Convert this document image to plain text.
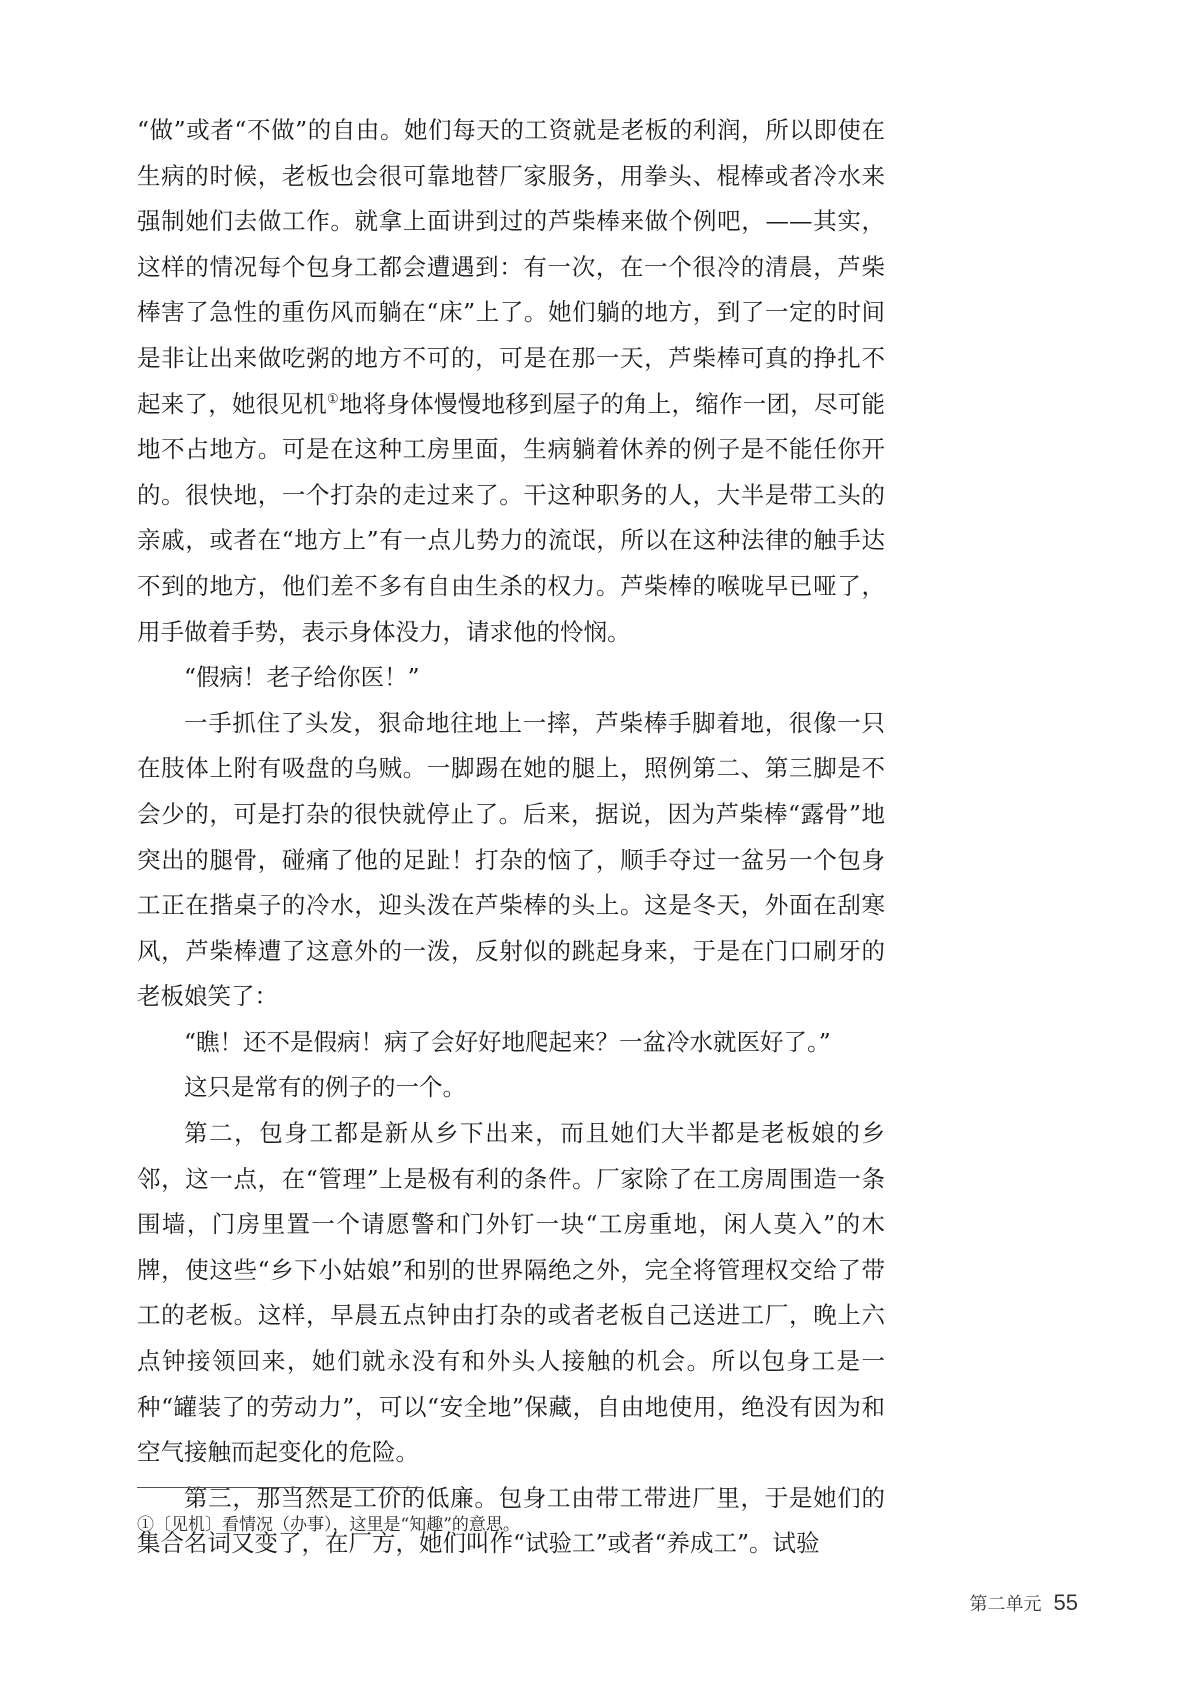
“做”或者“不做”的自由。她们每天的工资就是老板的利润，所以即使在生病的时候，老板也会很可靠地替厂家服务，用拳头、棍棒或者冷水来强制她们去做工作。就拿上面讲到过的芦柴棒来做个例吧，——其实，这样的情况每个包身工都会遭遇到：有一次，在一个很冷的清晨，芦柴棒害了急性的重伤风而躺在“床”上了。她们躺的地方，到了一定的时间是非让出来做吃粥的地方不可的，可是在那一天，芦柴棒可真的挣扎不起来了，她很见机①地将身体慢慢地移到屋子的角上，缩作一团，尽可能地不占地方。可是在这种工房里面，生病躺着休养的例子是不能任你开的。很快地，一个打杂的走过来了。干这种职务的人，大半是带工头的亲戚，或者在“地方上”有一点儿势力的流氓，所以在这种法律的触手达不到的地方，他们差不多有自由生杀的权力。芦柴棒的喉咙早已哑了，用手做着手势，表示身体没力，请求他的怜悯。

“假病！老子给你医！”

一手抓住了头发，狠命地往地上一摔，芦柴棒手脚着地，很像一只在肢体上附有吸盘的乌贼。一脚踢在她的腿上，照例第二、第三脚是不会少的，可是打杂的很快就停止了。后来，据说，因为芦柴棒“露骨”地突出的腿骨，碰痛了他的足趾！打杂的恼了，顺手夺过一盆另一个包身工正在揩桌子的冷水，迎头泼在芦柴棒的头上。这是冬天，外面在刮寒风，芦柴棒遭了这意外的一泼，反射似的跳起身来，于是在门口刷牙的老板娘笑了：

“瞧！还不是假病！病了会好好地爬起来？一盆冷水就医好了。”

这只是常有的例子的一个。

第二，包身工都是新从乡下出来，而且她们大半都是老板娘的乡邻，这一点，在“管理”上是极有利的条件。厂家除了在工房周围造一条围墙，门房里置一个请愿警和门外钉一块“工房重地，闲人莫入”的木牌，使这些“乡下小姑娘”和别的世界隔绝之外，完全将管理权交给了带工的老板。这样，早晨五点钟由打杂的或者老板自己送进工厂，晚上六点钟接领回来，她们就永没有和外头人接触的机会。所以包身工是一种“罐装了的劳动力”，可以“安全地”保藏，自由地使用，绝没有因为和空气接触而起变化的危险。

第三，那当然是工价的低廉。包身工由带工带进厂里，于是她们的集合名词又变了，在厂方，她们叫作“试验工”或者“养成工”。试验

①〔见机〕看情况（办事），这里是“知趣”的意思。
第二单元 55
